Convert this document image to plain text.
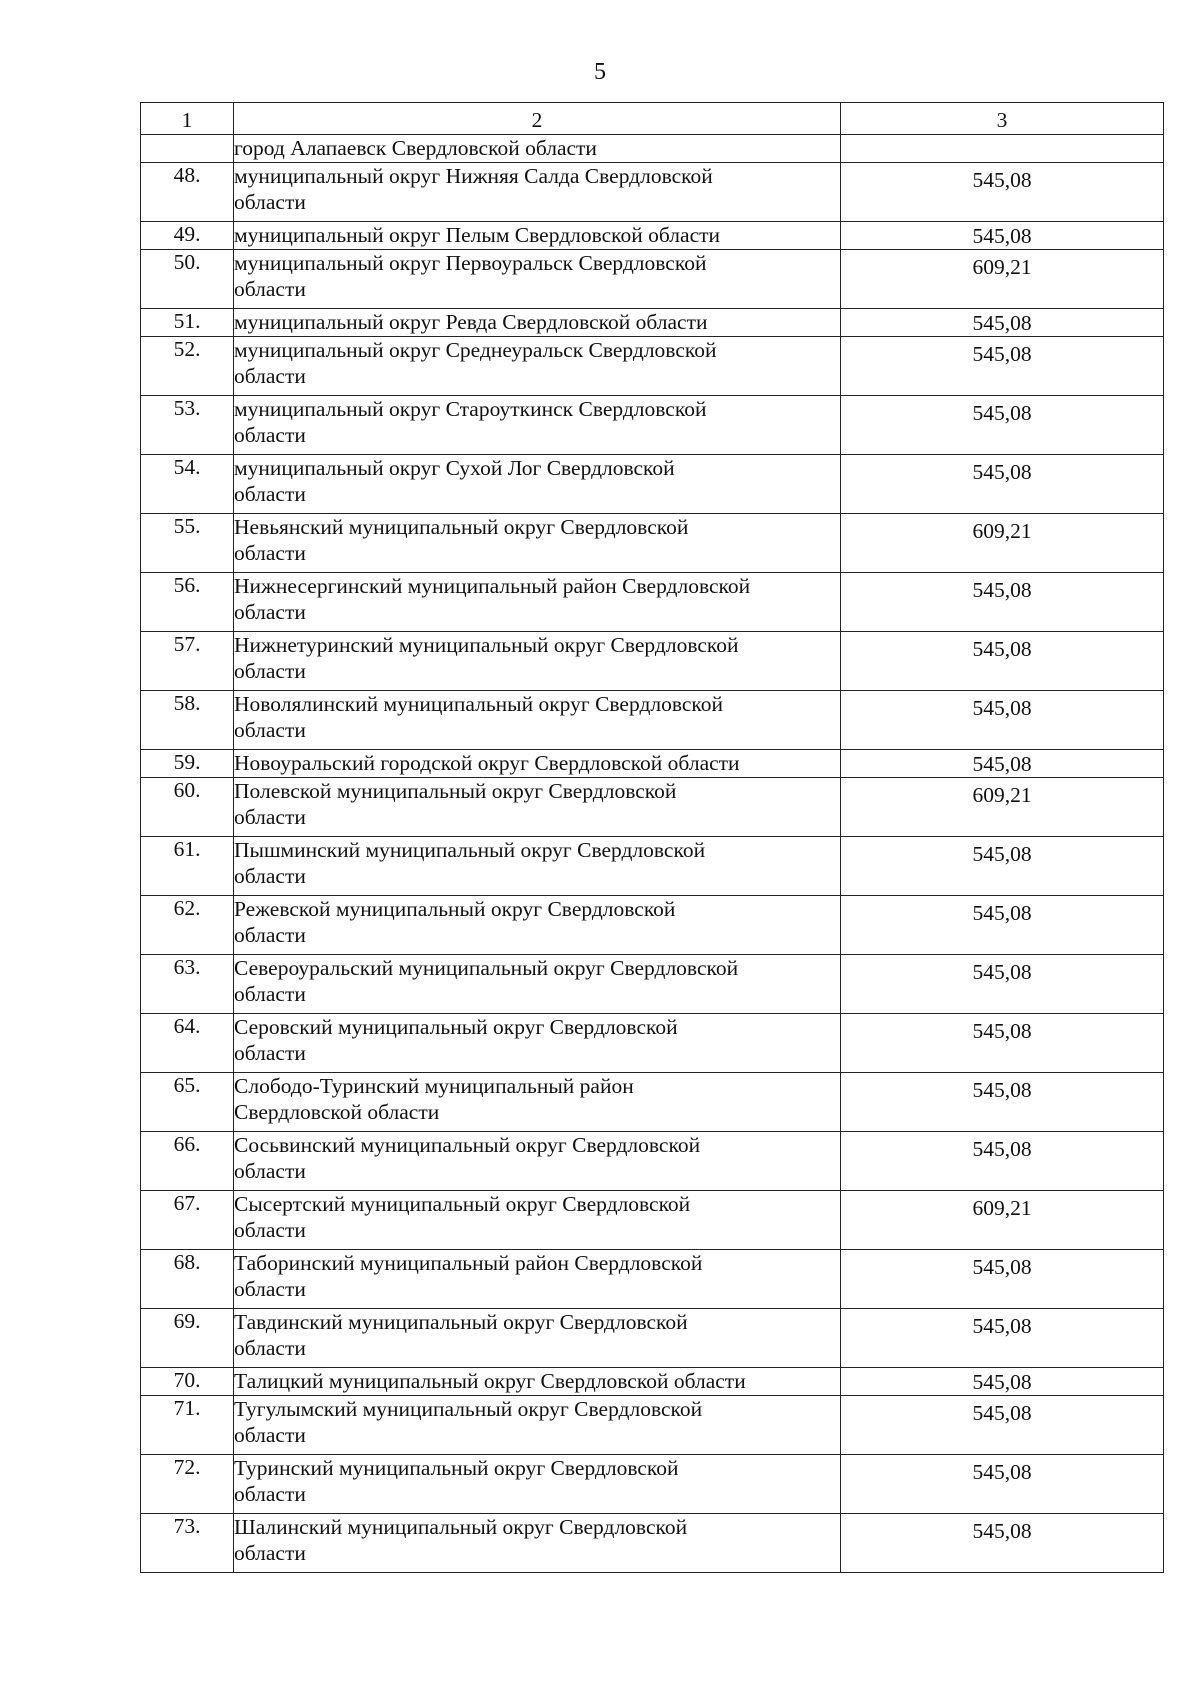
5
1	2	3
	город Алапаевск Свердловской области	
48.	муниципальный округ Нижняя Салда Свердловской
области	545,08
49.	муниципальный округ Пелым Свердловской области	545,08
50.	муниципальный округ Первоуральск Свердловской
области	609,21
51.	муниципальный округ Ревда Свердловской области	545,08
52.	муниципальный округ Среднеуральск Свердловской
области	545,08
53.	муниципальный округ Староуткинск Свердловской
области	545,08
54.	муниципальный округ Сухой Лог Свердловской
области	545,08
55.	Невьянский муниципальный округ Свердловской
области	609,21
56.	Нижнесергинский муниципальный район Свердловской
области	545,08
57.	Нижнетуринский муниципальный округ Свердловской
области	545,08
58.	Новолялинский муниципальный округ Свердловской
области	545,08
59.	Новоуральский городской округ Свердловской области	545,08
60.	Полевской муниципальный округ Свердловской
области	609,21
61.	Пышминский муниципальный округ Свердловской
области	545,08
62.	Режевской муниципальный округ Свердловской
области	545,08
63.	Североуральский муниципальный округ Свердловской
области	545,08
64.	Серовский муниципальный округ Свердловской
области	545,08
65.	Слободо-Туринский муниципальный район
Свердловской области	545,08
66.	Сосьвинский муниципальный округ Свердловской
области	545,08
67.	Сысертский муниципальный округ Свердловской
области	609,21
68.	Таборинский муниципальный район Свердловской
области	545,08
69.	Тавдинский муниципальный округ Свердловской
области	545,08
70.	Талицкий муниципальный округ Свердловской области	545,08
71.	Тугулымский муниципальный округ Свердловской
области	545,08
72.	Туринский муниципальный округ Свердловской
области	545,08
73.	Шалинский муниципальный округ Свердловской
области	545,08
